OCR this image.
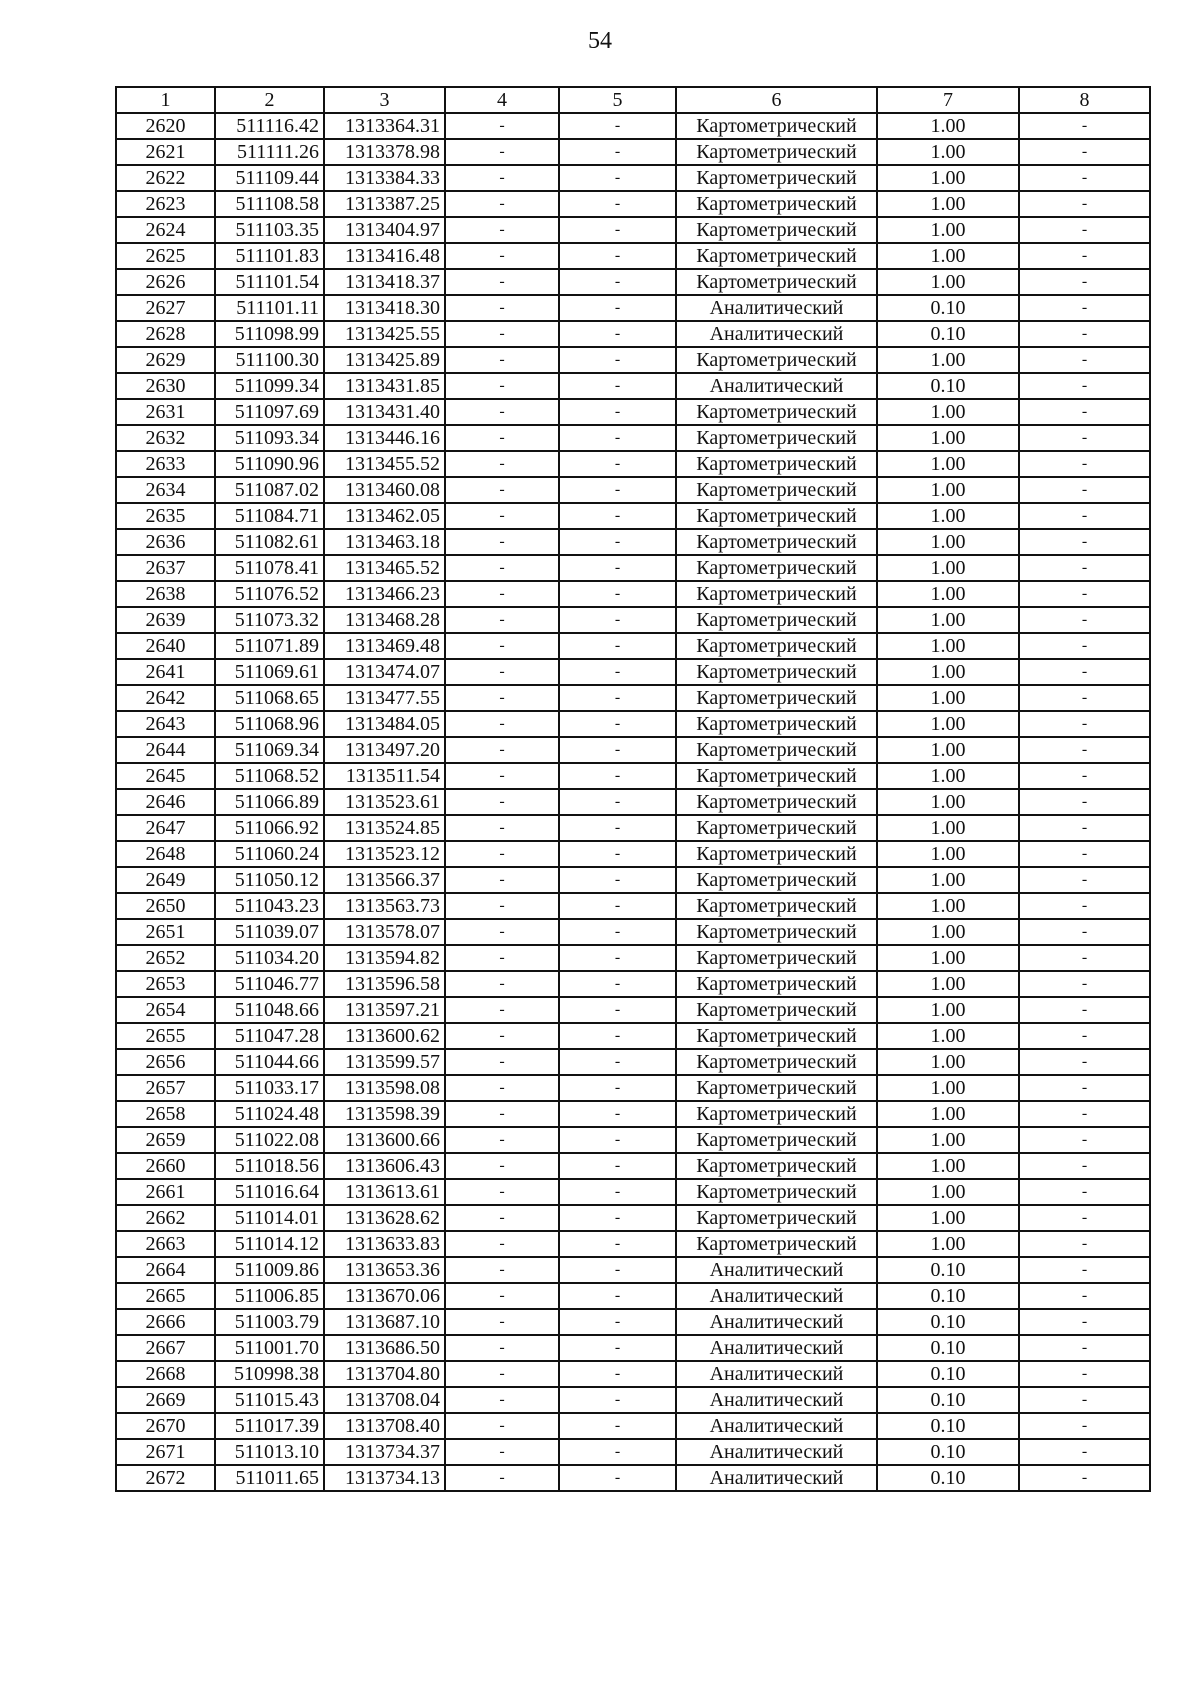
54
1	2	3	4	5	6	7	8
2620	511116.42	1313364.31	-	-	Картометрический	1.00	-
2621	511111.26	1313378.98	-	-	Картометрический	1.00	-
2622	511109.44	1313384.33	-	-	Картометрический	1.00	-
2623	511108.58	1313387.25	-	-	Картометрический	1.00	-
2624	511103.35	1313404.97	-	-	Картометрический	1.00	-
2625	511101.83	1313416.48	-	-	Картометрический	1.00	-
2626	511101.54	1313418.37	-	-	Картометрический	1.00	-
2627	511101.11	1313418.30	-	-	Аналитический	0.10	-
2628	511098.99	1313425.55	-	-	Аналитический	0.10	-
2629	511100.30	1313425.89	-	-	Картометрический	1.00	-
2630	511099.34	1313431.85	-	-	Аналитический	0.10	-
2631	511097.69	1313431.40	-	-	Картометрический	1.00	-
2632	511093.34	1313446.16	-	-	Картометрический	1.00	-
2633	511090.96	1313455.52	-	-	Картометрический	1.00	-
2634	511087.02	1313460.08	-	-	Картометрический	1.00	-
2635	511084.71	1313462.05	-	-	Картометрический	1.00	-
2636	511082.61	1313463.18	-	-	Картометрический	1.00	-
2637	511078.41	1313465.52	-	-	Картометрический	1.00	-
2638	511076.52	1313466.23	-	-	Картометрический	1.00	-
2639	511073.32	1313468.28	-	-	Картометрический	1.00	-
2640	511071.89	1313469.48	-	-	Картометрический	1.00	-
2641	511069.61	1313474.07	-	-	Картометрический	1.00	-
2642	511068.65	1313477.55	-	-	Картометрический	1.00	-
2643	511068.96	1313484.05	-	-	Картометрический	1.00	-
2644	511069.34	1313497.20	-	-	Картометрический	1.00	-
2645	511068.52	1313511.54	-	-	Картометрический	1.00	-
2646	511066.89	1313523.61	-	-	Картометрический	1.00	-
2647	511066.92	1313524.85	-	-	Картометрический	1.00	-
2648	511060.24	1313523.12	-	-	Картометрический	1.00	-
2649	511050.12	1313566.37	-	-	Картометрический	1.00	-
2650	511043.23	1313563.73	-	-	Картометрический	1.00	-
2651	511039.07	1313578.07	-	-	Картометрический	1.00	-
2652	511034.20	1313594.82	-	-	Картометрический	1.00	-
2653	511046.77	1313596.58	-	-	Картометрический	1.00	-
2654	511048.66	1313597.21	-	-	Картометрический	1.00	-
2655	511047.28	1313600.62	-	-	Картометрический	1.00	-
2656	511044.66	1313599.57	-	-	Картометрический	1.00	-
2657	511033.17	1313598.08	-	-	Картометрический	1.00	-
2658	511024.48	1313598.39	-	-	Картометрический	1.00	-
2659	511022.08	1313600.66	-	-	Картометрический	1.00	-
2660	511018.56	1313606.43	-	-	Картометрический	1.00	-
2661	511016.64	1313613.61	-	-	Картометрический	1.00	-
2662	511014.01	1313628.62	-	-	Картометрический	1.00	-
2663	511014.12	1313633.83	-	-	Картометрический	1.00	-
2664	511009.86	1313653.36	-	-	Аналитический	0.10	-
2665	511006.85	1313670.06	-	-	Аналитический	0.10	-
2666	511003.79	1313687.10	-	-	Аналитический	0.10	-
2667	511001.70	1313686.50	-	-	Аналитический	0.10	-
2668	510998.38	1313704.80	-	-	Аналитический	0.10	-
2669	511015.43	1313708.04	-	-	Аналитический	0.10	-
2670	511017.39	1313708.40	-	-	Аналитический	0.10	-
2671	511013.10	1313734.37	-	-	Аналитический	0.10	-
2672	511011.65	1313734.13	-	-	Аналитический	0.10	-
